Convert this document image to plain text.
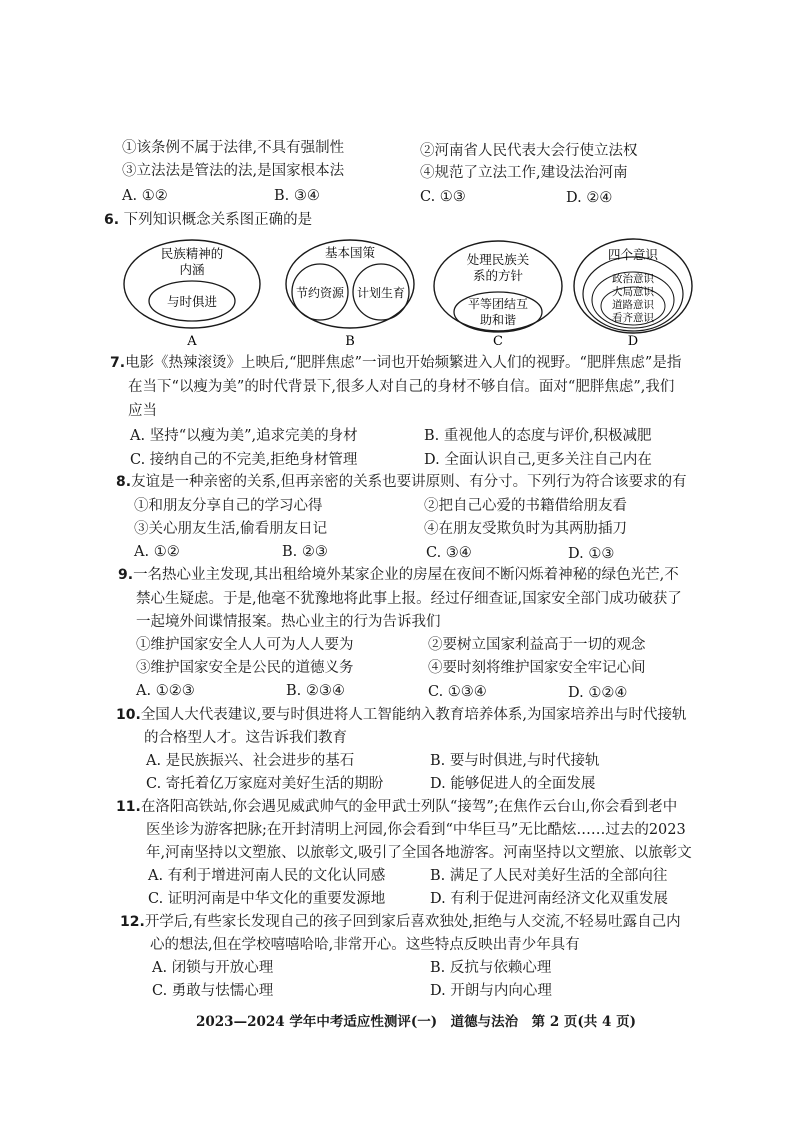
①该条例不属于法律,不具有强制性	②河南省人民代表大会行使立法权
③立法法是管法的法,是国家根本法	④规范了立法工作,建设法治河南
A. ①②	B. ③④	C. ①③	D. ②④
6. 下列知识概念关系图正确的是
民族精神的
内涵
与时俱进
A
基本国策
节约资源 计划生育
B
处理民族关
系的方针
平等团结互
助和谐
C
四个意识
政治意识
大局意识
道路意识
看齐意识
D
7.电影《热辣滚烫》上映后,“肥胖焦虑”一词也开始频繁进入人们的视野。“肥胖焦虑”是指
在当下“以瘦为美”的时代背景下,很多人对自己的身材不够自信。面对“肥胖焦虑”,我们
应当
A. 坚持“以瘦为美”,追求完美的身材	B. 重视他人的态度与评价,积极减肥
C. 接纳自己的不完美,拒绝身材管理	D. 全面认识自己,更多关注自己内在
8.友谊是一种亲密的关系,但再亲密的关系也要讲原则、有分寸。下列行为符合该要求的有
①和朋友分享自己的学习心得	②把自己心爱的书籍借给朋友看
③关心朋友生活,偷看朋友日记	④在朋友受欺负时为其两肋插刀
A. ①②	B. ②③	C. ③④	D. ①③
9.一名热心业主发现,其出租给境外某家企业的房屋在夜间不断闪烁着神秘的绿色光芒,不
禁心生疑虑。于是,他毫不犹豫地将此事上报。经过仔细查证,国家安全部门成功破获了
一起境外间谍情报案。热心业主的行为告诉我们
①维护国家安全人人可为人人要为	②要树立国家利益高于一切的观念
③维护国家安全是公民的道德义务	④要时刻将维护国家安全牢记心间
A. ①②③	B. ②③④	C. ①③④	D. ①②④
10.全国人大代表建议,要与时俱进将人工智能纳入教育培养体系,为国家培养出与时代接轨
的合格型人才。这告诉我们教育
A. 是民族振兴、社会进步的基石	B. 要与时俱进,与时代接轨
C. 寄托着亿万家庭对美好生活的期盼	D. 能够促进人的全面发展
11.在洛阳高铁站,你会遇见威武帅气的金甲武士列队“接驾”;在焦作云台山,你会看到老中
医坐诊为游客把脉;在开封清明上河园,你会看到“中华巨马”无比酷炫……过去的2023
年,河南坚持以文塑旅、以旅彰文,吸引了全国各地游客。河南坚持以文塑旅、以旅彰文
A. 有利于增进河南人民的文化认同感	B. 满足了人民对美好生活的全部向往
C. 证明河南是中华文化的重要发源地	D. 有利于促进河南经济文化双重发展
12.开学后,有些家长发现自己的孩子回到家后喜欢独处,拒绝与人交流,不轻易吐露自己内
心的想法,但在学校嘻嘻哈哈,非常开心。这些特点反映出青少年具有
A. 闭锁与开放心理	B. 反抗与依赖心理
C. 勇敢与怯懦心理	D. 开朗与内向心理
2023—2024 学年中考适应性测评(一)　道德与法治　第 2 页(共 4 页)
